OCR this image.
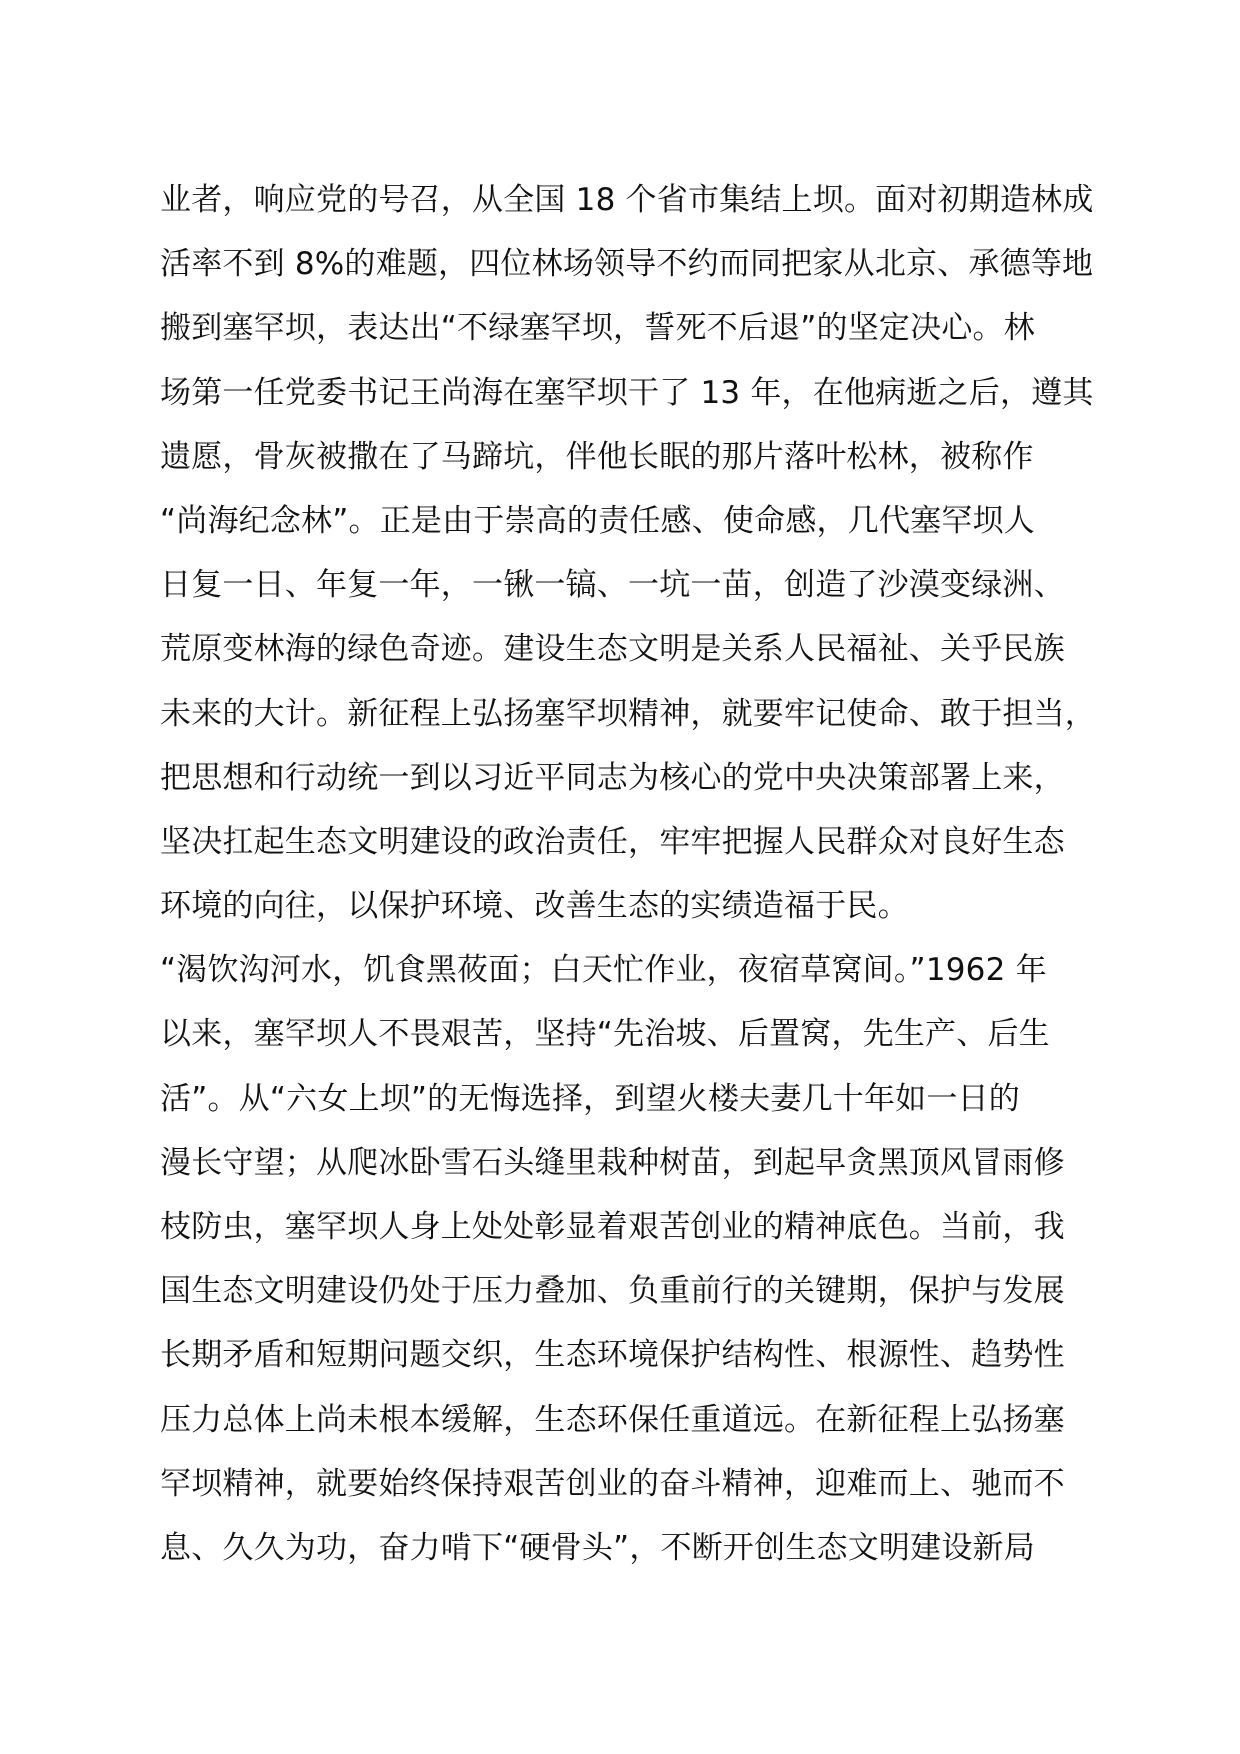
业者，响应党的号召，从全国 18 个省市集结上坝。面对初期造林成
活率不到 8%的难题，四位林场领导不约而同把家从北京、承德等地
搬到塞罕坝，表达出“不绿塞罕坝，誓死不后退”的坚定决心。林
场第一任党委书记王尚海在塞罕坝干了 13 年，在他病逝之后，遵其
遗愿，骨灰被撒在了马蹄坑，伴他长眠的那片落叶松林，被称作
“尚海纪念林”。正是由于崇高的责任感、使命感，几代塞罕坝人
日复一日、年复一年，一锹一镐、一坑一苗，创造了沙漠变绿洲、
荒原变林海的绿色奇迹。建设生态文明是关系人民福祉、关乎民族
未来的大计。新征程上弘扬塞罕坝精神，就要牢记使命、敢于担当，
把思想和行动统一到以习近平同志为核心的党中央决策部署上来，
坚决扛起生态文明建设的政治责任，牢牢把握人民群众对良好生态
环境的向往，以保护环境、改善生态的实绩造福于民。
“渴饮沟河水，饥食黑莜面；白天忙作业，夜宿草窝间。”1962 年
以来，塞罕坝人不畏艰苦，坚持“先治坡、后置窝，先生产、后生
活”。从“六女上坝”的无悔选择，到望火楼夫妻几十年如一日的
漫长守望；从爬冰卧雪石头缝里栽种树苗，到起早贪黑顶风冒雨修
枝防虫，塞罕坝人身上处处彰显着艰苦创业的精神底色。当前，我
国生态文明建设仍处于压力叠加、负重前行的关键期，保护与发展
长期矛盾和短期问题交织，生态环境保护结构性、根源性、趋势性
压力总体上尚未根本缓解，生态环保任重道远。在新征程上弘扬塞
罕坝精神，就要始终保持艰苦创业的奋斗精神，迎难而上、驰而不
息、久久为功，奋力啃下“硬骨头”，不断开创生态文明建设新局
